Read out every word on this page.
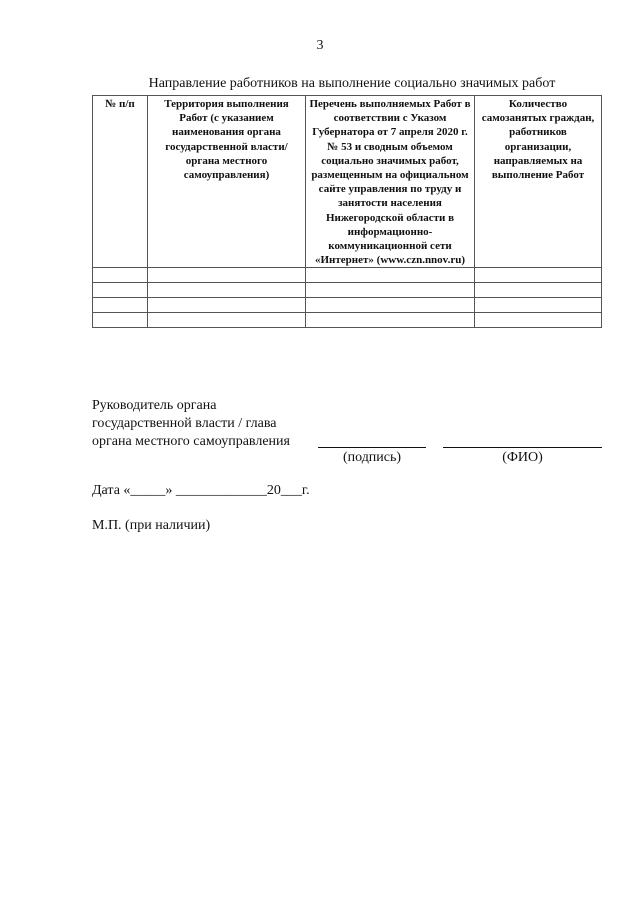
3
Направление работников на выполнение социально значимых работ
№ п/п	Территория выполнения Работ (с указанием наименования органа государственной власти/ органа местного самоуправления)	Перечень выполняемых Работ в соответствии с Указом Губернатора от 7 апреля 2020 г. № 53 и сводным объемом социально значимых работ, размещенным на официальном сайте управления по труду и занятости населения Нижегородской области в информационно-коммуникационной сети «Интернет» (www.czn.nnov.ru)	Количество самозанятых граждан, работников организации, направляемых на выполнение Работ

Руководитель органа
государственной власти / глава
органа местного самоуправления
(подпись)	(ФИО)
Дата «_____» _____________20___г.
М.П. (при наличии)
